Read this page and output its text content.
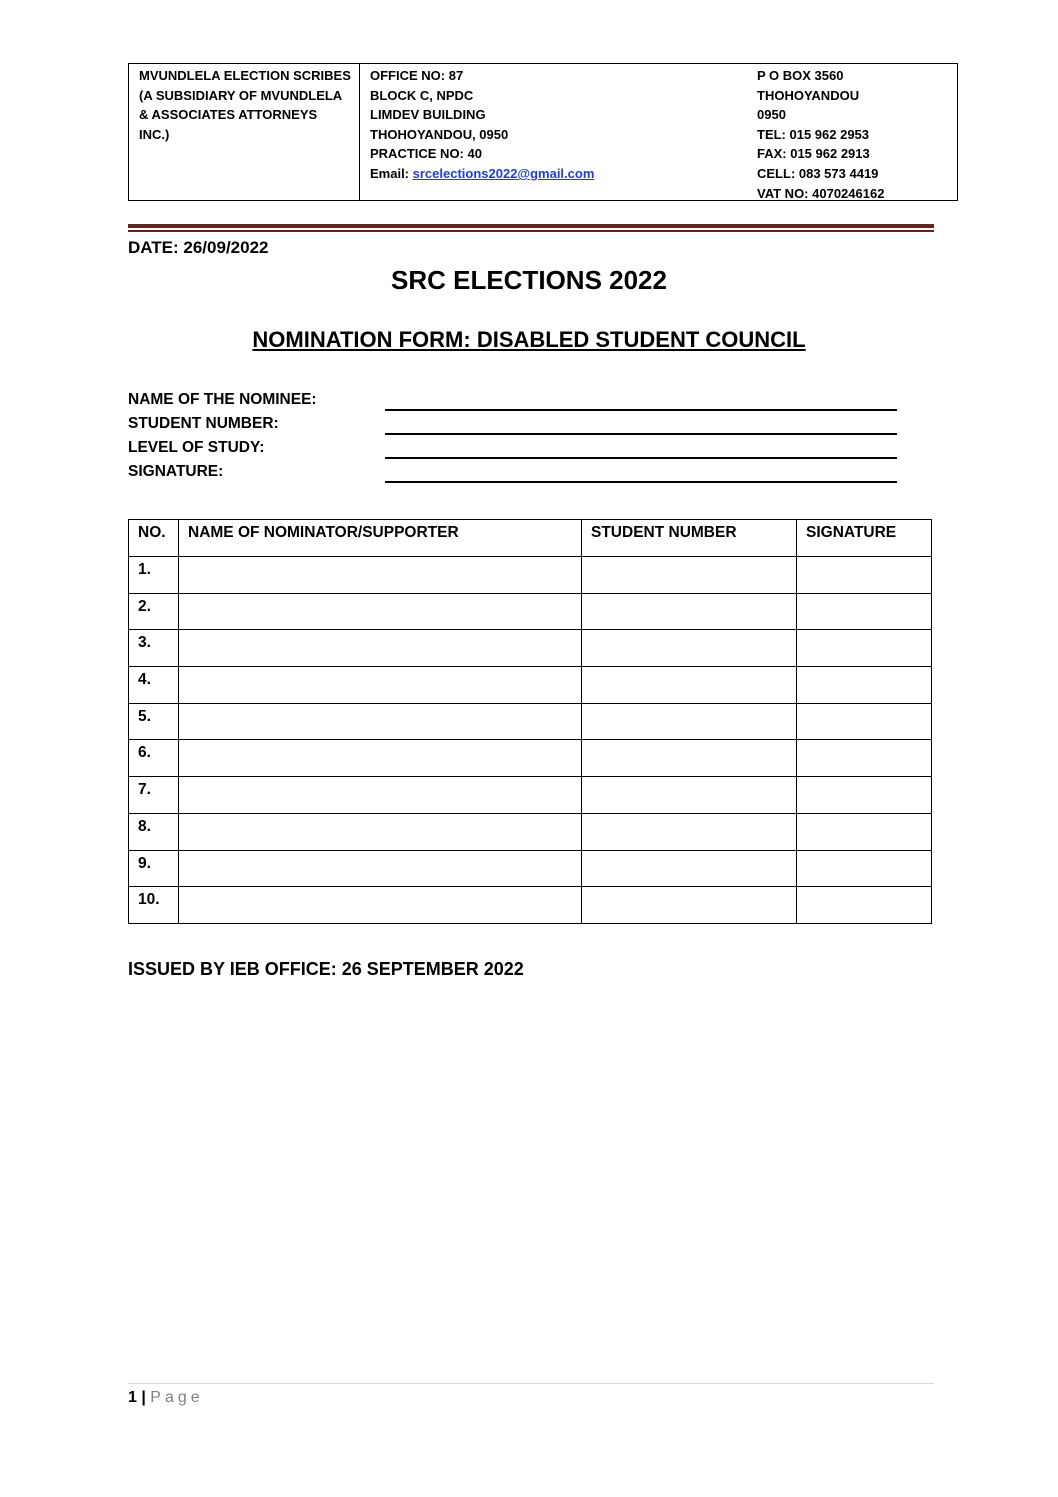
MVUNDLELA ELECTION SCRIBES
(A SUBSIDIARY OF MVUNDLELA
& ASSOCIATES ATTORNEYS
INC.)
OFFICE NO: 87
BLOCK C, NPDC
LIMDEV BUILDING
THOHOYANDOU, 0950
PRACTICE NO: 40
Email: srcelections2022@gmail.com
P O BOX 3560
THOHOYANDOU
0950
TEL: 015 962 2953
FAX: 015 962 2913
CELL: 083 573 4419
VAT NO: 4070246162
DATE: 26/09/2022
SRC ELECTIONS 2022
NOMINATION FORM: DISABLED STUDENT COUNCIL
NAME OF THE NOMINEE:
STUDENT NUMBER:
LEVEL OF STUDY:
SIGNATURE:
NO.	NAME OF NOMINATOR/SUPPORTER	STUDENT NUMBER	SIGNATURE
1.			
2.			
3.			
4.			
5.			
6.			
7.			
8.			
9.			
10.			
ISSUED BY IEB OFFICE: 26 SEPTEMBER 2022
1 | Page
